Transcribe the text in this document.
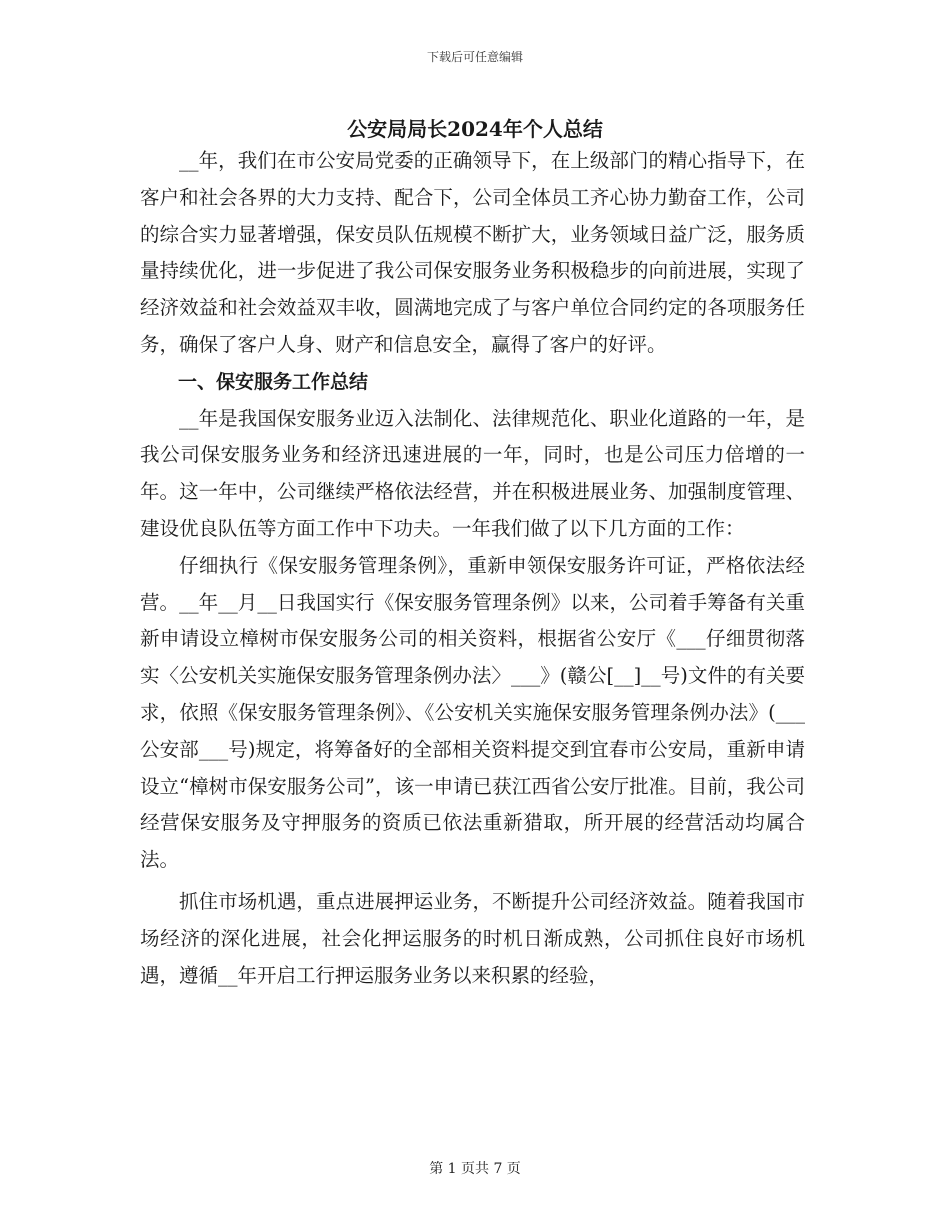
下载后可任意编辑
公安局局长2024年个人总结

__年，我们在市公安局党委的正确领导下，在上级部门的精心指导下，在客户和社会各界的大力支持、配合下，公司全体员工齐心协力勤奋工作，公司的综合实力显著增强，保安员队伍规模不断扩大，业务领域日益广泛，服务质量持续优化，进一步促进了我公司保安服务业务积极稳步的向前进展，实现了经济效益和社会效益双丰收，圆满地完成了与客户单位合同约定的各项服务任务，确保了客户人身、财产和信息安全，赢得了客户的好评。

一、保安服务工作总结

__年是我国保安服务业迈入法制化、法律规范化、职业化道路的一年，是我公司保安服务业务和经济迅速进展的一年，同时，也是公司压力倍增的一年。这一年中，公司继续严格依法经营，并在积极进展业务、加强制度管理、建设优良队伍等方面工作中下功夫。一年我们做了以下几方面的工作：

仔细执行《保安服务管理条例》，重新申领保安服务许可证，严格依法经营。__年__月__日我国实行《保安服务管理条例》以来，公司着手筹备有关重新申请设立樟树市保安服务公司的相关资料，根据省公安厅《___仔细贯彻落实〈公安机关实施保安服务管理条例办法〉___》(赣公[__]__号)文件的有关要求，依照《保安服务管理条例》、《公安机关实施保安服务管理条例办法》(___公安部___号)规定，将筹备好的全部相关资料提交到宜春市公安局，重新申请设立“樟树市保安服务公司”，该一申请已获江西省公安厅批准。目前，我公司经营保安服务及守押服务的资质已依法重新猎取，所开展的经营活动均属合法。

抓住市场机遇，重点进展押运业务，不断提升公司经济效益。随着我国市场经济的深化进展，社会化押运服务的时机日渐成熟，公司抓住良好市场机遇，遵循__年开启工行押运服务业务以来积累的经验，

第 1 页共 7 页
